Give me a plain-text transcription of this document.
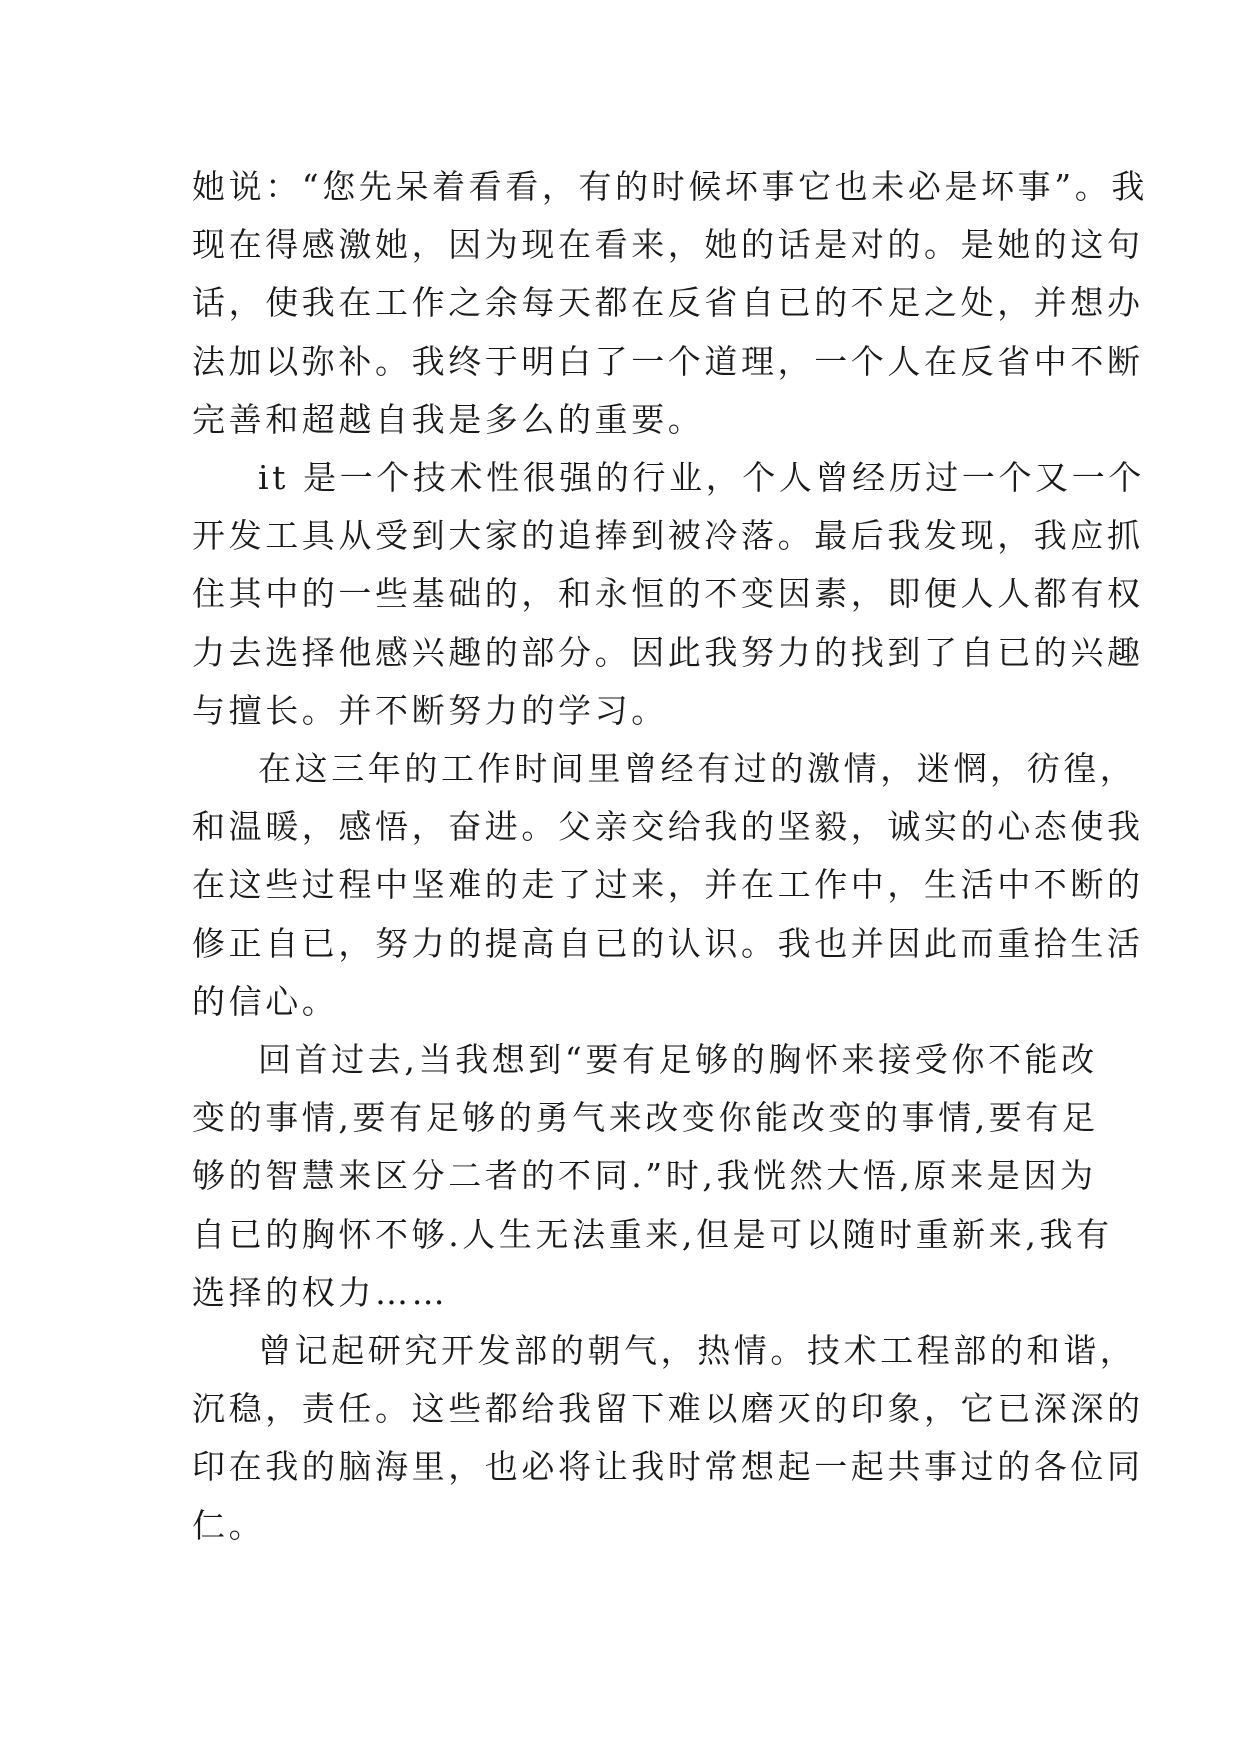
她说：“您先呆着看看，有的时候坏事它也未必是坏事”。我
现在得感激她，因为现在看来，她的话是对的。是她的这句
话，使我在工作之余每天都在反省自已的不足之处，并想办
法加以弥补。我终于明白了一个道理，一个人在反省中不断
完善和超越自我是多么的重要。

it 是一个技术性很强的行业，个人曾经历过一个又一个
开发工具从受到大家的追捧到被冷落。最后我发现，我应抓
住其中的一些基础的，和永恒的不变因素，即便人人都有权
力去选择他感兴趣的部分。因此我努力的找到了自已的兴趣
与擅长。并不断努力的学习。

在这三年的工作时间里曾经有过的激情，迷惘，彷徨，
和温暖，感悟，奋进。父亲交给我的坚毅，诚实的心态使我
在这些过程中坚难的走了过来，并在工作中，生活中不断的
修正自已，努力的提高自已的认识。我也并因此而重拾生活
的信心。

回首过去,当我想到“要有足够的胸怀来接受你不能改
变的事情,要有足够的勇气来改变你能改变的事情,要有足
够的智慧来区分二者的不同.”时,我恍然大悟,原来是因为
自已的胸怀不够.人生无法重来,但是可以随时重新来,我有
选择的权力……

曾记起研究开发部的朝气，热情。技术工程部的和谐，
沉稳，责任。这些都给我留下难以磨灭的印象，它已深深的
印在我的脑海里，也必将让我时常想起一起共事过的各位同
仁。
